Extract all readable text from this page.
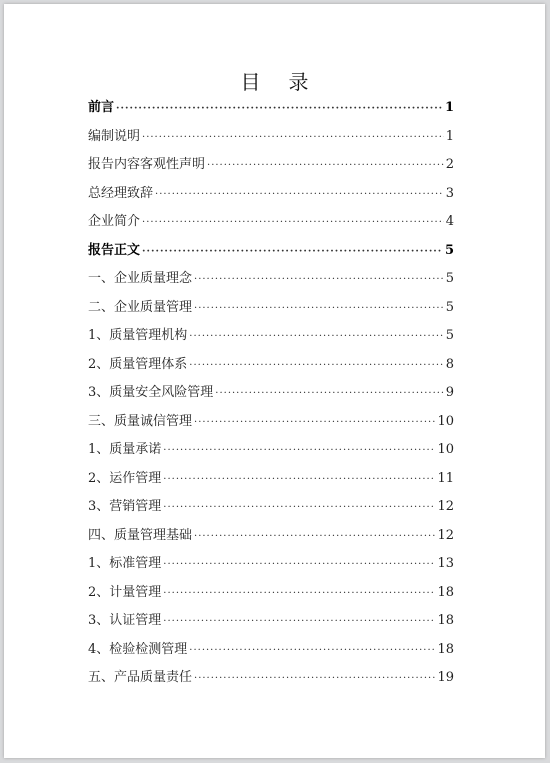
目 录
前言 ·····	1
编制说明 ·····	1
报告内容客观性声明 ·····	2
总经理致辞 ·····	3
企业简介 ·····	4
报告正文 ·····	5
一、企业质量理念 ·····	5
二、企业质量管理 ·····	5
1、质量管理机构 ·····	5
2、质量管理体系 ·····	8
3、质量安全风险管理 ·····	9
三、质量诚信管理 ·····	10
1、质量承诺 ·····	10
2、运作管理 ·····	11
3、营销管理 ·····	12
四、质量管理基础 ·····	12
1、标准管理 ·····	13
2、计量管理 ·····	18
3、认证管理 ·····	18
4、检验检测管理 ·····	18
五、产品质量责任 ·····	19
